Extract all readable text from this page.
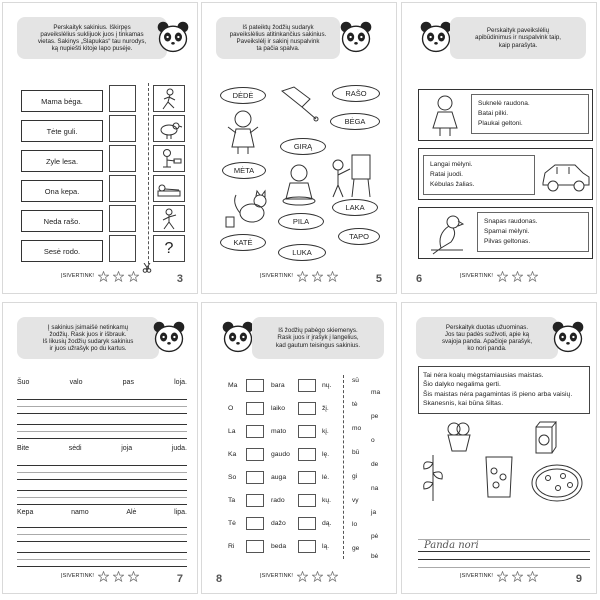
Perskaityk sakinius. Iškirpęs
paveikslėlius suklijuok juos į tinkamas
vietas. Sakinys „Slapukas“ tau nurodys,
ką nupiešti kitoje lapo pusėje.
Mama bėga.
Tėte guli.
Zyle lesa.
Ona kepa.
Neda rašo.
Sesė rodo.	?
ĮSIVERTINK!	3
Iš pateiktų žodžių sudaryk
paveikslėlius atitinkančius sakinius.
Paveikslėlį ir sakinį nuspalvink
ta pačia spalva.
DĖDĖ	RAŠO
BĖGA
GIRĄ
MĖTA
LAKA
PILA
TAPO
KATĖ
LUKA
ĮSIVERTINK!	5
Perskaityk paveikslėlių
apibūdinimus ir nuspalvink taip,
kaip parašyta.
Suknelė raudona.
Batai pilki.
Plaukai geltoni.
Langai mėlyni.
Ratai juodi.
Kėbulas žalias.
Snapas raudonas.
Sparnai mėlyni.
Pilvas geltonas.
ĮSIVERTINK!
6
Į sakinius įsimaišė netinkamų
žodžių. Rask juos ir išbrauk.
Iš likusių žodžių sudaryk sakinius
ir juos užrašyk po du kartus.
Šuo	valo	pas	loja.
Bite	sėdi	joja	juda.
Kepa	namo	Alė	lipa.
ĮSIVERTINK!	7
Iš žodžių pabėgo skiemenys.
Rask juos ir įrašyk į langelius,
kad gautum teisingus sakinius.
Ma	bara	nų.
O	laiko	žį.
La	mato	kį.
Ka	gaudo	lę.
So	auga	lė.
Ta	rado	kų.
Tė	dažo	dą.
Ri	beda	lą.
sū
tė
mo
bū
gi
vy
lo
ge
ma
pe
o
de
na
ja
pė
bė
ĮSIVERTINK!
8
Perskaityk duotas užuominas.
Jos tau padės suživoti, apie ką
svajoja panda. Apačioje parašyk,
ko nori panda.
Tai nėra koalų mėgstamiausias maistas.
Šio dalyko negalima gerti.
Šis maistas nėra pagamintas iš pieno arba vaisių.
Skanesnis, kai būna šiltas.
Panda nori
ĮSIVERTINK!	9
